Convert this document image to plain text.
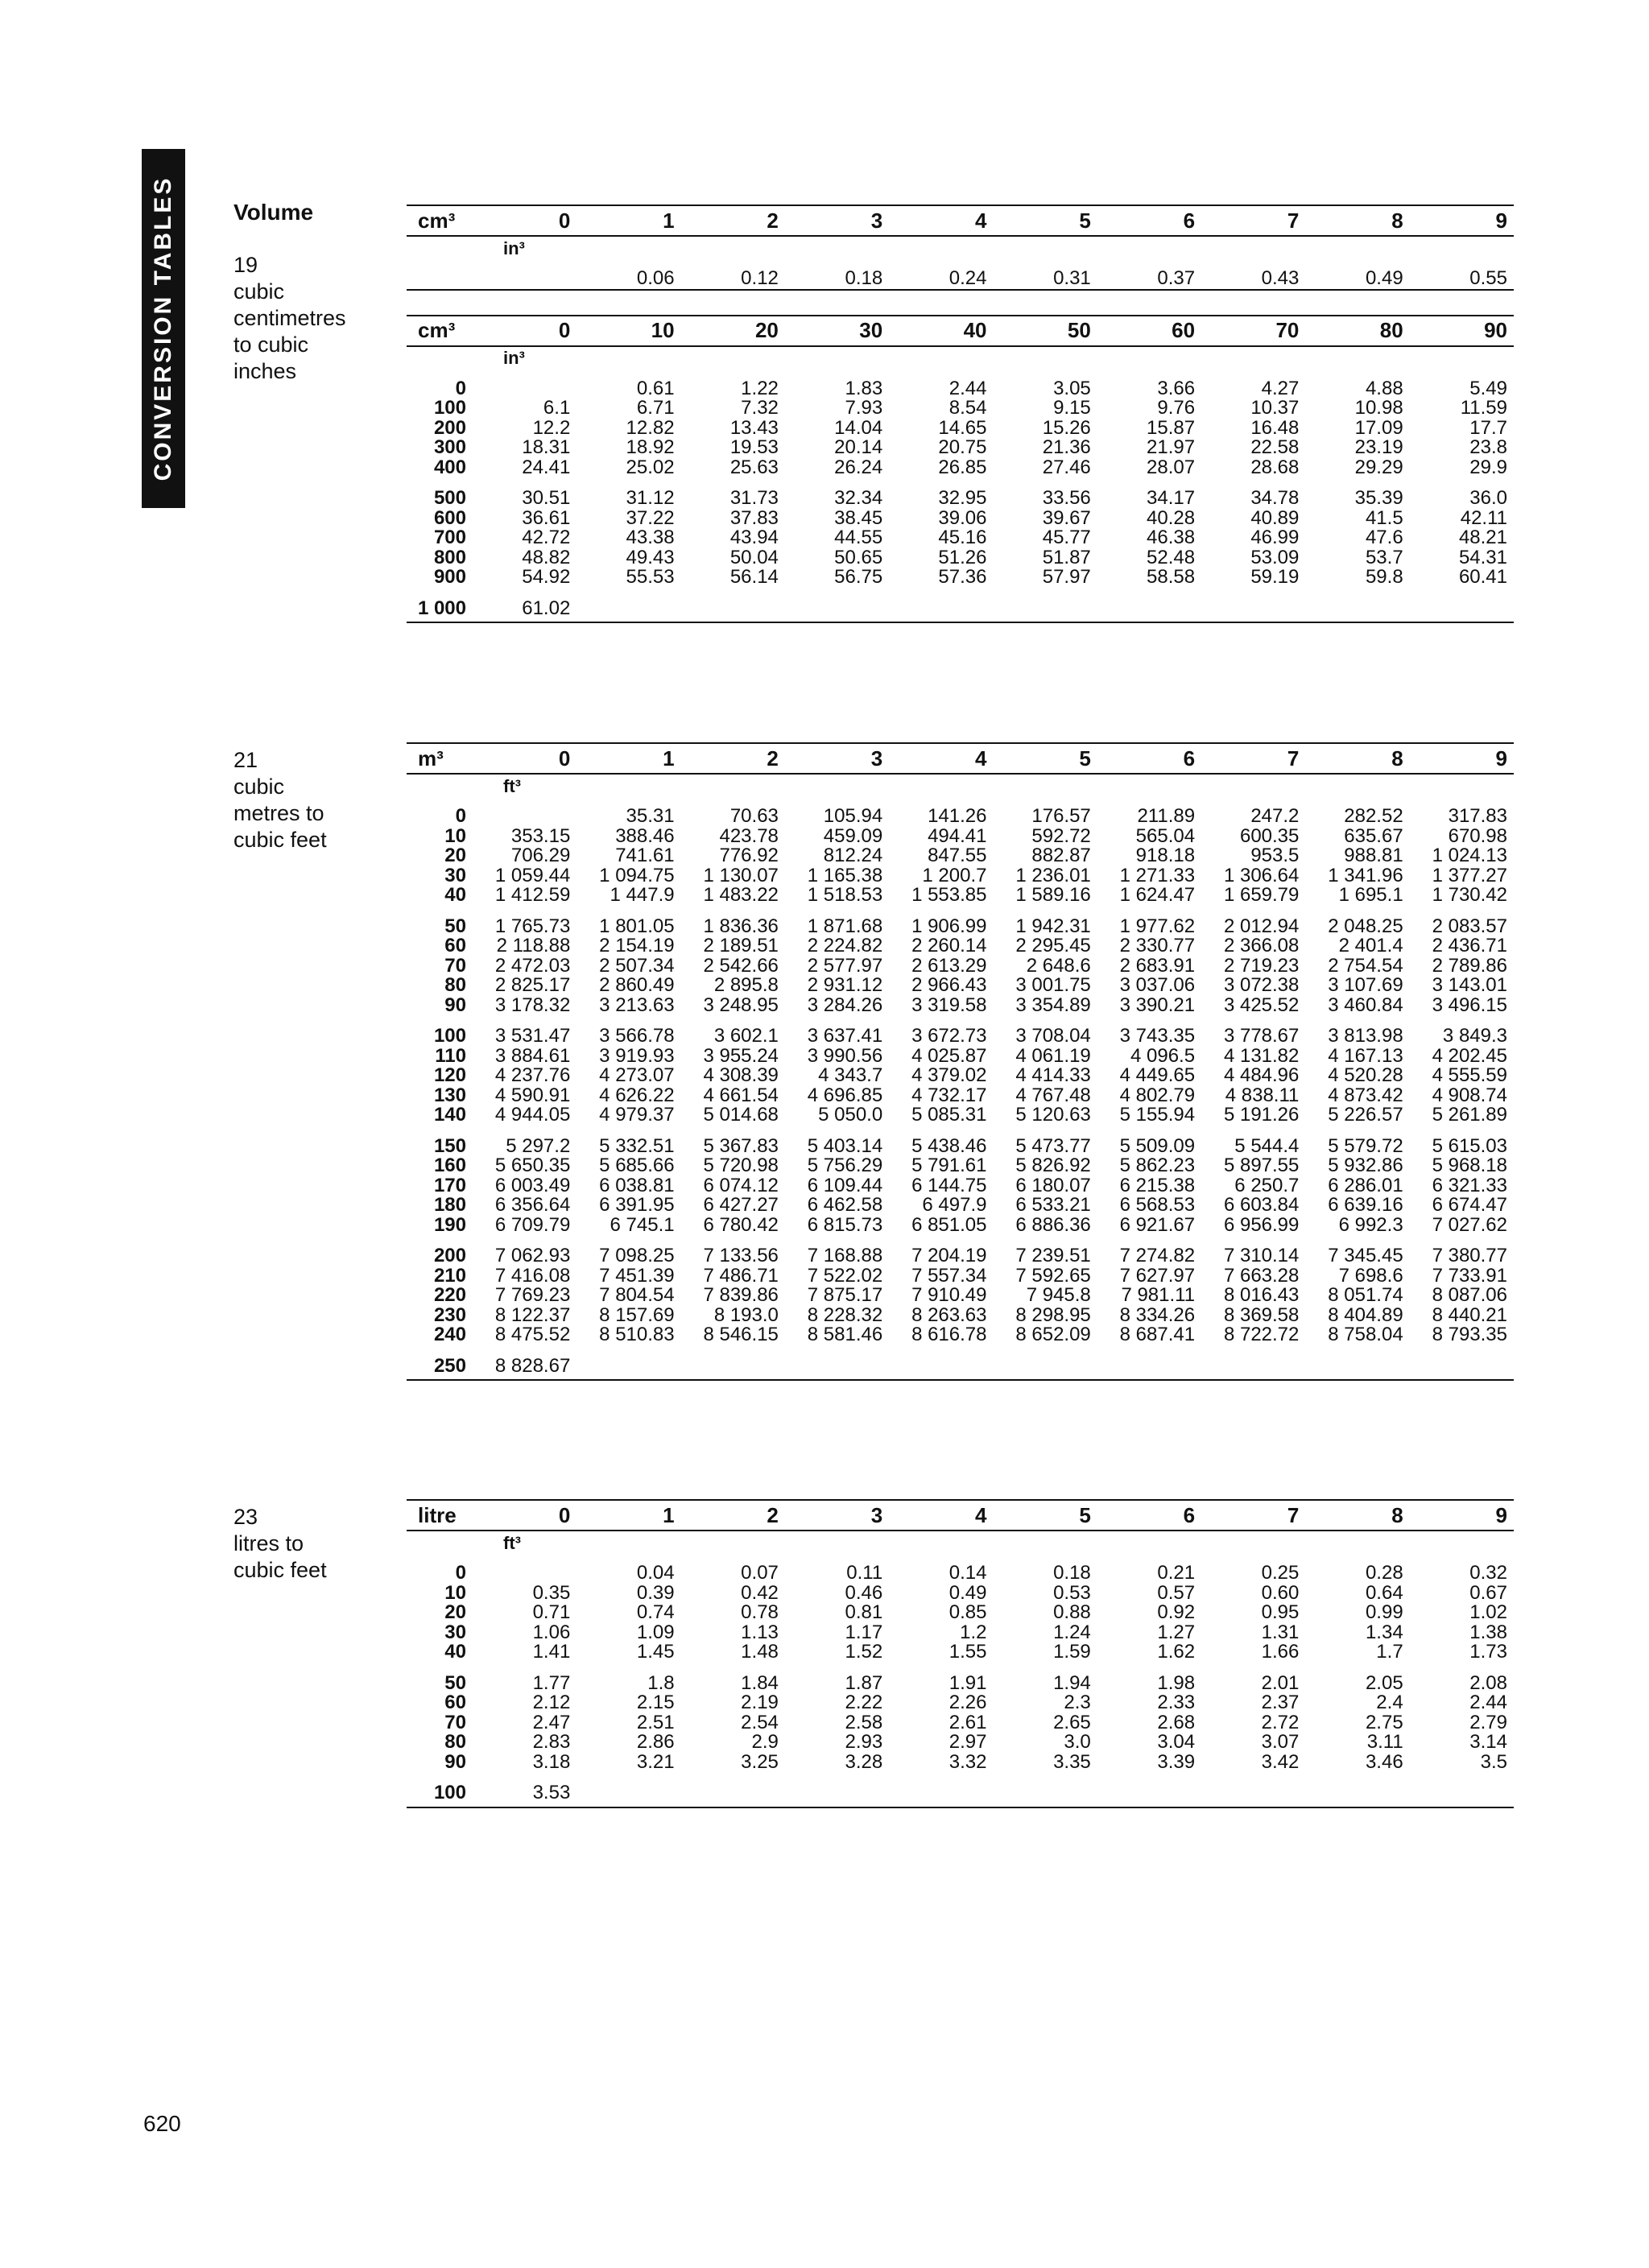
CONVERSION TABLES	Volume
19
cubic
centimetres
to cubic
inches
21
cubic
metres to
cubic feet
23
litres to
cubic feet
cm³	0	1	2	3	4	5	6	7	8	9
in³										
		0.06	0.12	0.18	0.24	0.31	0.37	0.43	0.49	0.55

cm³	0	10	20	30	40	50	60	70	80	90
in³										
0		0.61	1.22	1.83	2.44	3.05	3.66	4.27	4.88	5.49
100	6.1	6.71	7.32	7.93	8.54	9.15	9.76	10.37	10.98	11.59
200	12.2	12.82	13.43	14.04	14.65	15.26	15.87	16.48	17.09	17.7
300	18.31	18.92	19.53	20.14	20.75	21.36	21.97	22.58	23.19	23.8
400	24.41	25.02	25.63	26.24	26.85	27.46	28.07	28.68	29.29	29.9
500	30.51	31.12	31.73	32.34	32.95	33.56	34.17	34.78	35.39	36.0
600	36.61	37.22	37.83	38.45	39.06	39.67	40.28	40.89	41.5	42.11
700	42.72	43.38	43.94	44.55	45.16	45.77	46.38	46.99	47.6	48.21
800	48.82	49.43	50.04	50.65	51.26	51.87	52.48	53.09	53.7	54.31
900	54.92	55.53	56.14	56.75	57.36	57.97	58.58	59.19	59.8	60.41
1 000	61.02									
m³	0	1	2	3	4	5	6	7	8	9
ft³										
0		35.31	70.63	105.94	141.26	176.57	211.89	247.2	282.52	317.83
10	353.15	388.46	423.78	459.09	494.41	592.72	565.04	600.35	635.67	670.98
20	706.29	741.61	776.92	812.24	847.55	882.87	918.18	953.5	988.81	1 024.13
30	1 059.44	1 094.75	1 130.07	1 165.38	1 200.7	1 236.01	1 271.33	1 306.64	1 341.96	1 377.27
40	1 412.59	1 447.9	1 483.22	1 518.53	1 553.85	1 589.16	1 624.47	1 659.79	1 695.1	1 730.42
50	1 765.73	1 801.05	1 836.36	1 871.68	1 906.99	1 942.31	1 977.62	2 012.94	2 048.25	2 083.57
60	2 118.88	2 154.19	2 189.51	2 224.82	2 260.14	2 295.45	2 330.77	2 366.08	2 401.4	2 436.71
70	2 472.03	2 507.34	2 542.66	2 577.97	2 613.29	2 648.6	2 683.91	2 719.23	2 754.54	2 789.86
80	2 825.17	2 860.49	2 895.8	2 931.12	2 966.43	3 001.75	3 037.06	3 072.38	3 107.69	3 143.01
90	3 178.32	3 213.63	3 248.95	3 284.26	3 319.58	3 354.89	3 390.21	3 425.52	3 460.84	3 496.15
100	3 531.47	3 566.78	3 602.1	3 637.41	3 672.73	3 708.04	3 743.35	3 778.67	3 813.98	3 849.3
110	3 884.61	3 919.93	3 955.24	3 990.56	4 025.87	4 061.19	4 096.5	4 131.82	4 167.13	4 202.45
120	4 237.76	4 273.07	4 308.39	4 343.7	4 379.02	4 414.33	4 449.65	4 484.96	4 520.28	4 555.59
130	4 590.91	4 626.22	4 661.54	4 696.85	4 732.17	4 767.48	4 802.79	4 838.11	4 873.42	4 908.74
140	4 944.05	4 979.37	5 014.68	5 050.0	5 085.31	5 120.63	5 155.94	5 191.26	5 226.57	5 261.89
150	5 297.2	5 332.51	5 367.83	5 403.14	5 438.46	5 473.77	5 509.09	5 544.4	5 579.72	5 615.03
160	5 650.35	5 685.66	5 720.98	5 756.29	5 791.61	5 826.92	5 862.23	5 897.55	5 932.86	5 968.18
170	6 003.49	6 038.81	6 074.12	6 109.44	6 144.75	6 180.07	6 215.38	6 250.7	6 286.01	6 321.33
180	6 356.64	6 391.95	6 427.27	6 462.58	6 497.9	6 533.21	6 568.53	6 603.84	6 639.16	6 674.47
190	6 709.79	6 745.1	6 780.42	6 815.73	6 851.05	6 886.36	6 921.67	6 956.99	6 992.3	7 027.62
200	7 062.93	7 098.25	7 133.56	7 168.88	7 204.19	7 239.51	7 274.82	7 310.14	7 345.45	7 380.77
210	7 416.08	7 451.39	7 486.71	7 522.02	7 557.34	7 592.65	7 627.97	7 663.28	7 698.6	7 733.91
220	7 769.23	7 804.54	7 839.86	7 875.17	7 910.49	7 945.8	7 981.11	8 016.43	8 051.74	8 087.06
230	8 122.37	8 157.69	8 193.0	8 228.32	8 263.63	8 298.95	8 334.26	8 369.58	8 404.89	8 440.21
240	8 475.52	8 510.83	8 546.15	8 581.46	8 616.78	8 652.09	8 687.41	8 722.72	8 758.04	8 793.35
250	8 828.67									
litre	0	1	2	3	4	5	6	7	8	9
ft³										
0		0.04	0.07	0.11	0.14	0.18	0.21	0.25	0.28	0.32
10	0.35	0.39	0.42	0.46	0.49	0.53	0.57	0.60	0.64	0.67
20	0.71	0.74	0.78	0.81	0.85	0.88	0.92	0.95	0.99	1.02
30	1.06	1.09	1.13	1.17	1.2	1.24	1.27	1.31	1.34	1.38
40	1.41	1.45	1.48	1.52	1.55	1.59	1.62	1.66	1.7	1.73
50	1.77	1.8	1.84	1.87	1.91	1.94	1.98	2.01	2.05	2.08
60	2.12	2.15	2.19	2.22	2.26	2.3	2.33	2.37	2.4	2.44
70	2.47	2.51	2.54	2.58	2.61	2.65	2.68	2.72	2.75	2.79
80	2.83	2.86	2.9	2.93	2.97	3.0	3.04	3.07	3.11	3.14
90	3.18	3.21	3.25	3.28	3.32	3.35	3.39	3.42	3.46	3.5
100	3.53									
620
